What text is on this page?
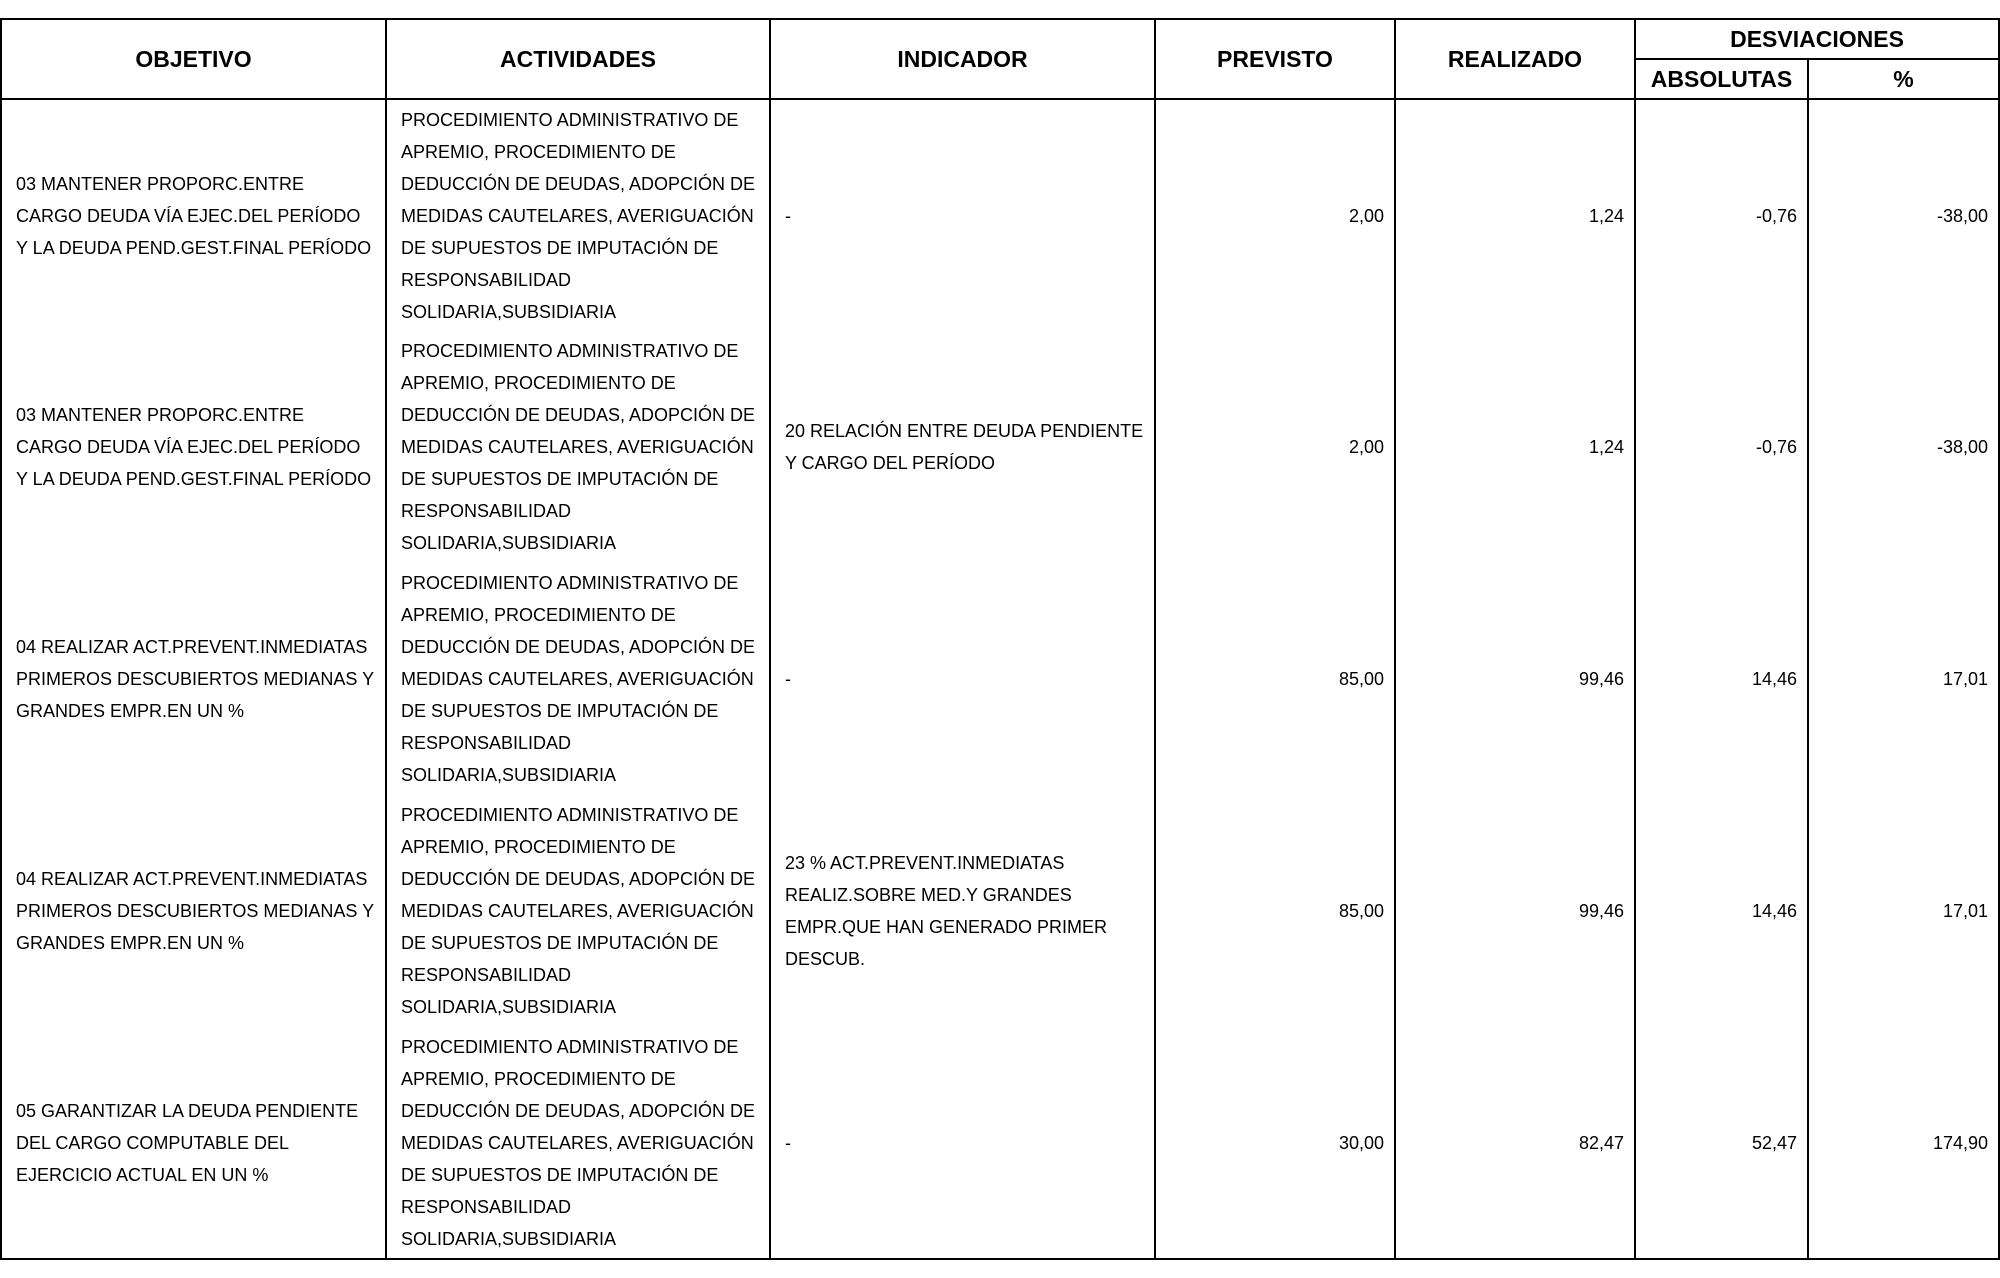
OBJETIVO	ACTIVIDADES	INDICADOR	PREVISTO	REALIZADO	DESVIACIONES	
					ABSOLUTAS	%
03 MANTENER PROPORC.ENTRE CARGO DEUDA VÍA EJEC.DEL PERÍODO Y LA DEUDA PEND.GEST.FINAL PERÍODO	PROCEDIMIENTO ADMINISTRATIVO DE APREMIO, PROCEDIMIENTO DE DEDUCCIÓN DE DEUDAS, ADOPCIÓN DE MEDIDAS CAUTELARES, AVERIGUACIÓN DE SUPUESTOS DE IMPUTACIÓN DE RESPONSABILIDAD SOLIDARIA,SUBSIDIARIA	-	2,00	1,24	-0,76	-38,00
03 MANTENER PROPORC.ENTRE CARGO DEUDA VÍA EJEC.DEL PERÍODO Y LA DEUDA PEND.GEST.FINAL PERÍODO	PROCEDIMIENTO ADMINISTRATIVO DE APREMIO, PROCEDIMIENTO DE DEDUCCIÓN DE DEUDAS, ADOPCIÓN DE MEDIDAS CAUTELARES, AVERIGUACIÓN DE SUPUESTOS DE IMPUTACIÓN DE RESPONSABILIDAD SOLIDARIA,SUBSIDIARIA	20 RELACIÓN ENTRE DEUDA PENDIENTE Y CARGO DEL PERÍODO	2,00	1,24	-0,76	-38,00
04 REALIZAR ACT.PREVENT.INMEDIATAS PRIMEROS DESCUBIERTOS MEDIANAS Y GRANDES EMPR.EN UN %	PROCEDIMIENTO ADMINISTRATIVO DE APREMIO, PROCEDIMIENTO DE DEDUCCIÓN DE DEUDAS, ADOPCIÓN DE MEDIDAS CAUTELARES, AVERIGUACIÓN DE SUPUESTOS DE IMPUTACIÓN DE RESPONSABILIDAD SOLIDARIA,SUBSIDIARIA	-	85,00	99,46	14,46	17,01
04 REALIZAR ACT.PREVENT.INMEDIATAS PRIMEROS DESCUBIERTOS MEDIANAS Y GRANDES EMPR.EN UN %	PROCEDIMIENTO ADMINISTRATIVO DE APREMIO, PROCEDIMIENTO DE DEDUCCIÓN DE DEUDAS, ADOPCIÓN DE MEDIDAS CAUTELARES, AVERIGUACIÓN DE SUPUESTOS DE IMPUTACIÓN DE RESPONSABILIDAD SOLIDARIA,SUBSIDIARIA	23 % ACT.PREVENT.INMEDIATAS REALIZ.SOBRE MED.Y GRANDES EMPR.QUE HAN GENERADO PRIMER DESCUB.	85,00	99,46	14,46	17,01
05 GARANTIZAR LA DEUDA PENDIENTE DEL CARGO COMPUTABLE DEL EJERCICIO ACTUAL EN UN %	PROCEDIMIENTO ADMINISTRATIVO DE APREMIO, PROCEDIMIENTO DE DEDUCCIÓN DE DEUDAS, ADOPCIÓN DE MEDIDAS CAUTELARES, AVERIGUACIÓN DE SUPUESTOS DE IMPUTACIÓN DE RESPONSABILIDAD SOLIDARIA,SUBSIDIARIA	-	30,00	82,47	52,47	174,90
